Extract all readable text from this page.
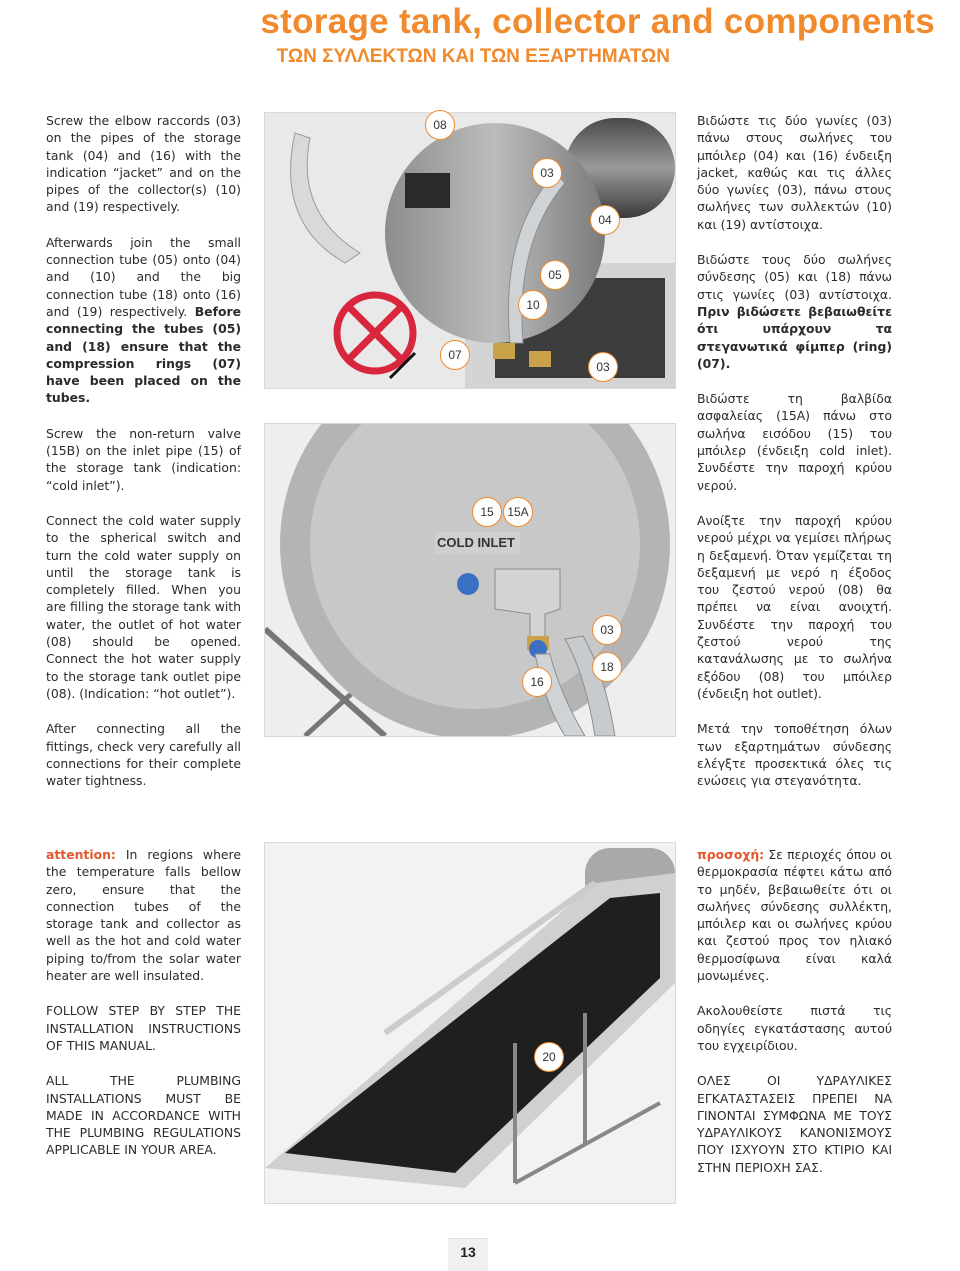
storage tank, collector and components
ΤΩΝ ΣΥΛΛΕΚΤΩΝ ΚΑΙ ΤΩΝ ΕΞΑΡΤΗΜΑΤΩΝ

Screw the elbow raccords (03) on the pipes of the storage tank (04) and (16) with the indication “jacket” and on the pipes of the collector(s) (10) and (19) respectively.

Afterwards join the small connection tube (05) onto (04) and (10) and the big connection tube (18) onto (16) and (19) respectively. Before connecting the tubes (05) and (18) ensure that the compression rings (07) have been placed on the tubes.

Screw the non-return valve (15B) on the inlet pipe (15) of the storage tank (indication: “cold inlet”).

Connect the cold water supply to the spherical switch and turn the cold water supply on until the storage tank is completely filled. When you are filling the storage tank with water, the outlet of hot water (08) should be opened. Connect the hot water supply to the storage tank outlet pipe (08). (Indication: “hot outlet”).

After connecting all the fittings, check very carefully all connections for their complete water tightness.

Βιδώστε τις δύο γωνίες (03) πάνω στους σωλήνες του μπόιλερ (04) και (16) ένδειξη jacket, καθώς και τις άλλες δύο γωνίες (03), πάνω στους σωλήνες των συλλεκτών (10) και (19) αντίστοιχα.

Βιδώστε τους δύο σωλήνες σύνδεσης (05) και (18) πάνω στις γωνίες (03) αντίστοιχα. Πριν βιδώσετε βεβαιωθείτε ότι υπάρχουν τα στεγανωτικά φίμπερ (ring) (07).

Βιδώστε τη βαλβίδα ασφαλείας (15A) πάνω στο σωλήνα εισόδου (15) του μπόιλερ (ένδειξη cold inlet). Συνδέστε την παροχή κρύου νερού.

Ανοίξτε την παροχή κρύου νερού μέχρι να γεμίσει πλήρως η δεξαμενή. Όταν γεμίζεται τη δεξαμενή με νερό η έξοδος του ζεστού νερού (08) θα πρέπει να είναι ανοιχτή. Συνδέστε την παροχή του ζεστού νερού της κατανάλωσης με το σωλήνα εξόδου (08) του μπόιλερ (ένδειξη hot outlet).

Μετά την τοποθέτηση όλων των εξαρτημάτων σύνδεσης ελέγξτε προσεκτικά όλες τις ενώσεις για στεγανότητα.

08
03
04
05
10
07
03
COLD INLET
15	15A
03
18
16

attention: In regions where the temperature falls bellow zero, ensure that the connection tubes of the storage tank and collector as well as the hot and cold water piping to/from the solar water heater are well insulated.

FOLLOW STEP BY STEP THE INSTALLATION INSTRUCTIONS OF THIS MANUAL.

ALL THE PLUMBING INSTALLATIONS MUST BE MADE IN ACCORDANCE WITH THE PLUMBING REGULATIONS APPLICABLE IN YOUR AREA.

20

προσοχή: Σε περιοχές όπου οι θερμοκρασία πέφτει κάτω από το μηδέν, βεβαιωθείτε ότι οι σωλήνες σύνδεσης συλλέκτη, μπόιλερ και οι σωλήνες κρύου και ζεστού προς τον ηλιακό θερμοσίφωνα είναι καλά μονωμένες.

Ακολουθείστε πιστά τις οδηγίες εγκατάστασης αυτού του εγχειρίδιου.

ΟΛΕΣ ΟΙ ΥΔΡΑΥΛΙΚΕΣ ΕΓΚΑΤΑΣΤΑΣΕΙΣ ΠΡΕΠΕΙ ΝΑ ΓΙΝΟΝΤΑΙ ΣΥΜΦΩΝΑ ΜΕ ΤΟΥΣ ΥΔΡΑΥΛΙΚΟΥΣ ΚΑΝΟΝΙΣΜΟΥΣ ΠΟΥ ΙΣΧΥΟΥΝ ΣΤΟ ΚΤΙΡΙΟ ΚΑΙ ΣΤΗΝ ΠΕΡΙΟΧΗ ΣΑΣ.

13
